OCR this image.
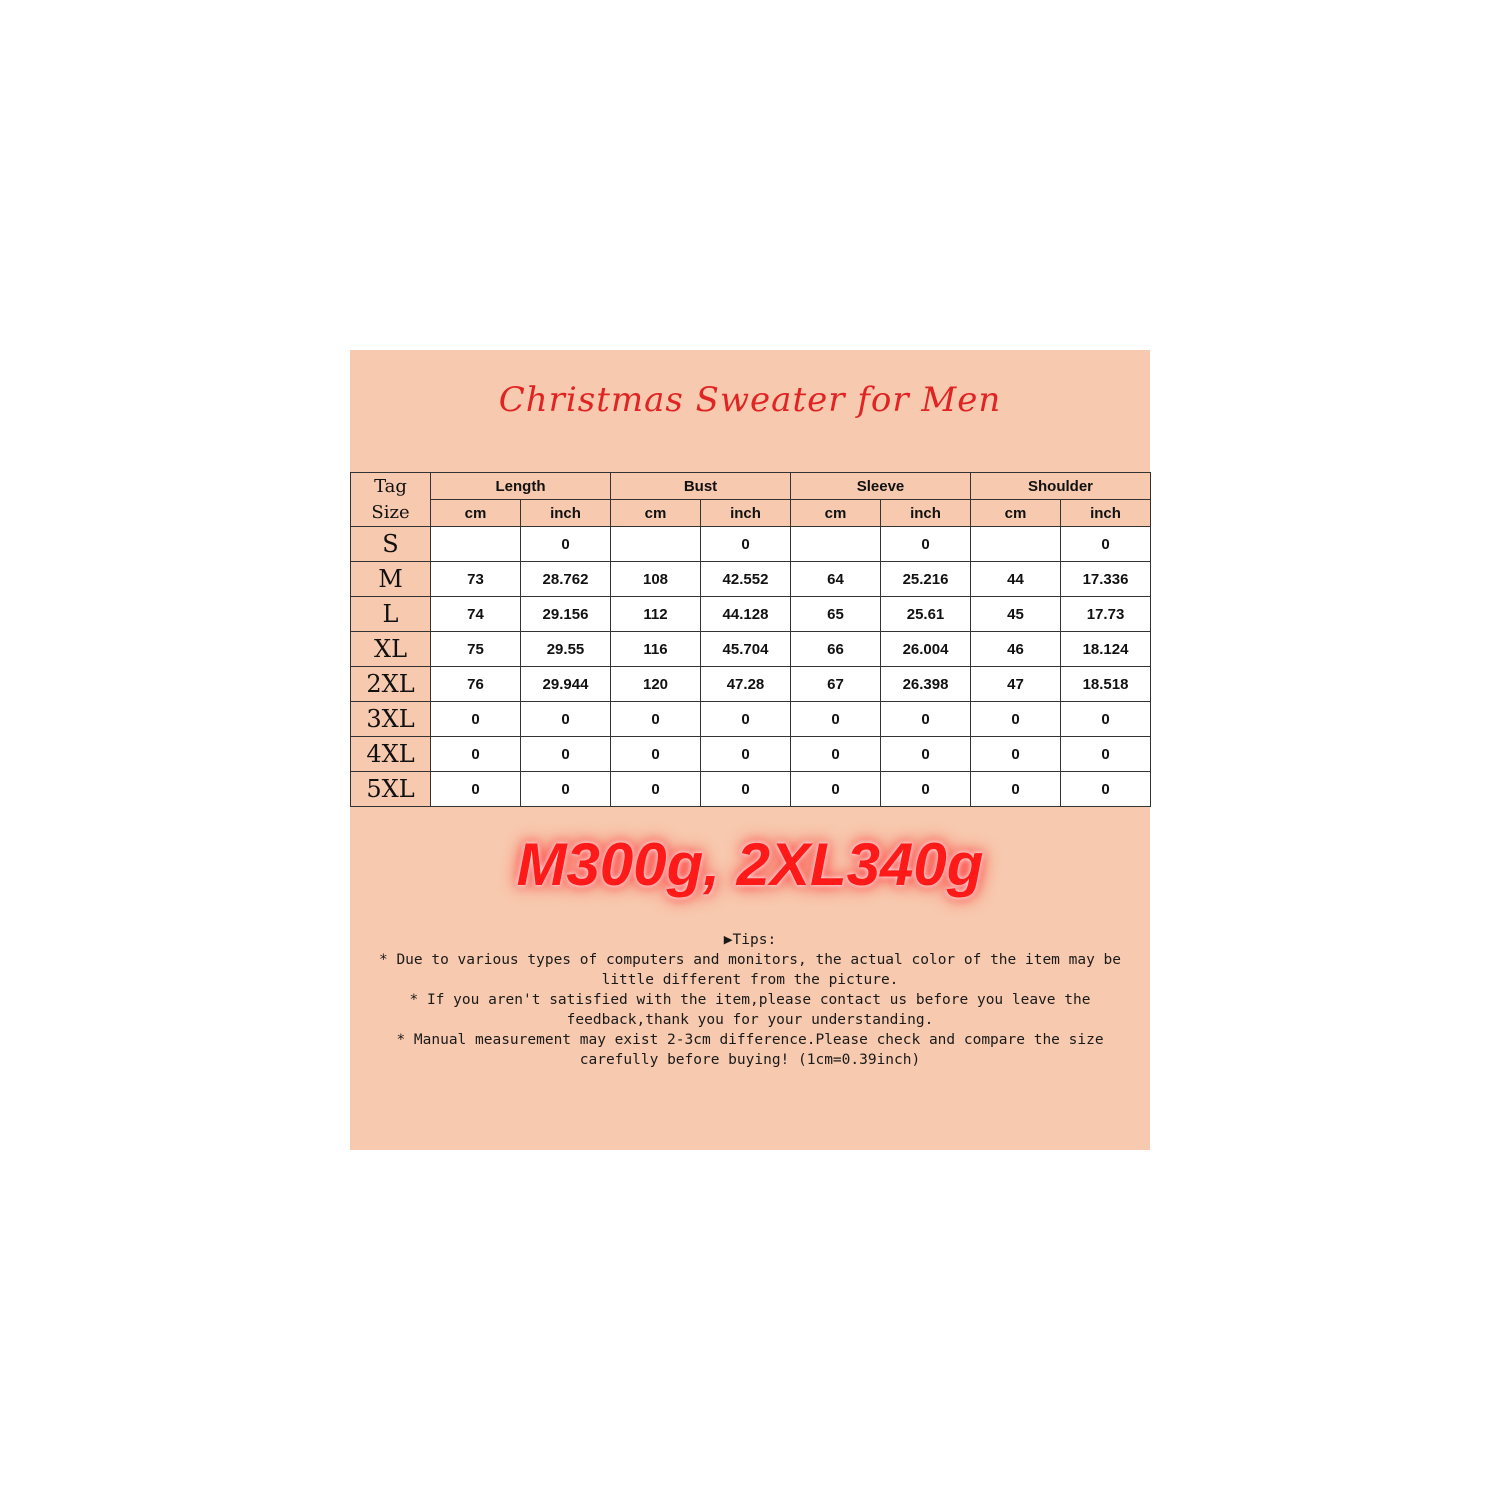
Christmas Sweater for Men
Tag
Size	Length		Bust		Sleeve		Shoulder	
	cm	inch	cm	inch	cm	inch	cm	inch
S		0		0		0		0
M	73	28.762	108	42.552	64	25.216	44	17.336
L	74	29.156	112	44.128	65	25.61	45	17.73
XL	75	29.55	116	45.704	66	26.004	46	18.124
2XL	76	29.944	120	47.28	67	26.398	47	18.518
3XL	0	0	0	0	0	0	0	0
4XL	0	0	0	0	0	0	0	0
5XL	0	0	0	0	0	0	0	0
M300g, 2XL340g

▶Tips:

* Due to various types of computers and monitors, the actual color of the item may be

little different from the picture.

* If you aren't satisfied with the item,please contact us before you leave the

feedback,thank you for your understanding.

* Manual measurement may exist 2-3cm difference.Please check and compare the size

carefully before buying! (1cm=0.39inch)
